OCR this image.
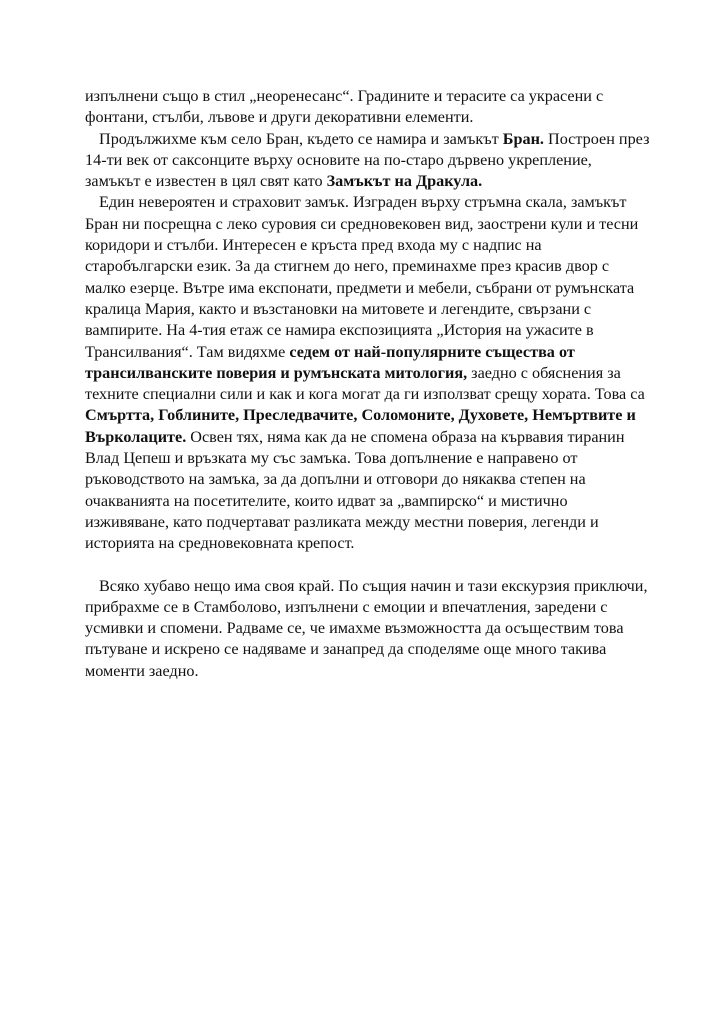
изпълнени също в стил „неоренесанс“. Градините и терасите са украсени с фонтани, стълби, лъвове и други декоративни елементи.

Продължихме към село Бран, където се намира и замъкът Бран. Построен през 14-ти век от саксонците върху основите на по-старо дървено укрепление, замъкът е известен в цял свят като Замъкът на Дракула.

Един невероятен и страховит замък. Изграден върху стръмна скала, замъкът Бран ни посрещна с леко суровия си средновековен вид, заострени кули и тесни коридори и стълби. Интересен е кръста пред входа му с надпис на старобългарски език. За да стигнем до него, преминахме през красив двор с малко езерце. Вътре има експонати, предмети и мебели, събрани от румънската кралица Мария, както и възстановки на митовете и легендите, свързани с вампирите. На 4-тия етаж се намира експозицията „История на ужасите в Трансилвания“. Там видяхме седем от най-популярните същества от трансилванските поверия и румънската митология, заедно с обяснения за техните специални сили и как и кога могат да ги използват срещу хората. Това са Смъртта, Гоблините, Преследвачите, Соломоните, Духовете, Немъртвите и Върколаците. Освен тях, няма как да не спомена образа на кървавия тиранин Влад Цепеш и връзката му със замъка. Това допълнение е направено от ръководството на замъка, за да допълни и отговори до някаква степен на очакванията на посетителите, които идват за „вампирско“ и мистично изживяване, като подчертават разликата между местни поверия, легенди и историята на средновековната крепост.

Всяко хубаво нещо има своя край. По същия начин и тази екскурзия приключи, прибрахме се в Стамболово, изпълнени с емоции и впечатления, заредени с усмивки и спомени. Радваме се, че имахме възможността да осъществим това пътуване и искрено се надяваме и занапред да споделяме още много такива моменти заедно.
